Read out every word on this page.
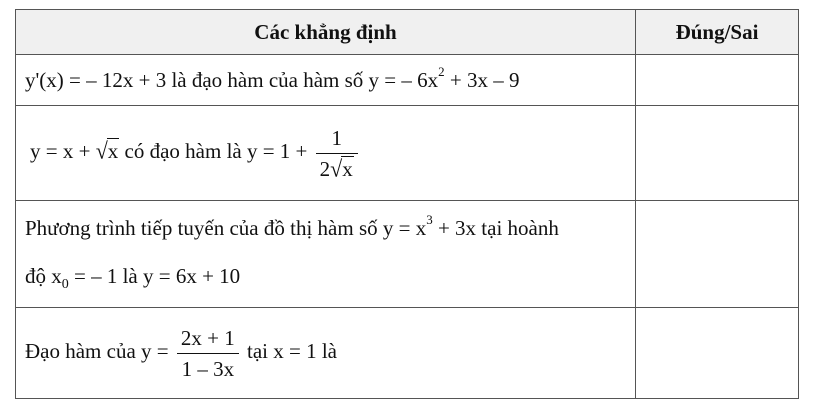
Các khẳng định	Đúng/Sai
y'(x) = – 12x + 3 là đạo hàm của hàm số y = – $6x^2 + 3x - 9$	
y = x + √x có đạo hàm là $y = 1 + \frac{1}{2√x}$

Phương trình tiếp tuyến của đồ thị hàm số $y = x^3 + 3x$ tại hoành
độ $x_0$ = – 1 là y = 6x + 10	

Đạo hàm của $y = \frac{2x + 1}{1 - 3x}$ tại x = 1 là	
